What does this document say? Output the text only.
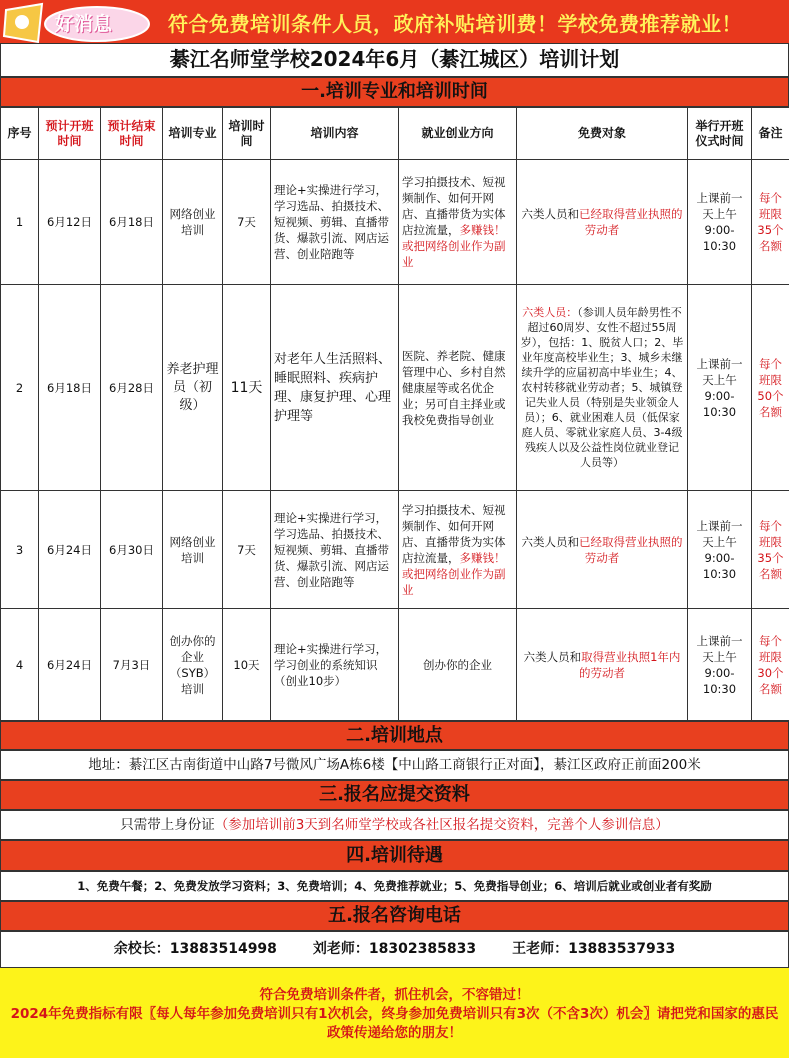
好消息	符合免费培训条件人员，政府补贴培训费！学校免费推荐就业！
綦江名师堂学校2024年6月（綦江城区）培训计划
一.培训专业和培训时间
序号	预计开班时间	预计结束时间	培训专业	培训时间	培训内容	就业创业方向	免费对象	举行开班仪式时间	备注
1	6月12日	6月18日	网络创业培训	7天	理论+实操进行学习，学习选品、拍摄技术、短视频、剪辑、直播带货、爆款引流、网店运营、创业陪跑等	学习拍摄技术、短视频制作、如何开网店、直播带货为实体店拉流量，多赚钱！或把网络创业作为副业	六类人员和已经取得营业执照的劳动者	上课前一天上午9:00-10:30	每个班限35个名额
2	6月18日	6月28日	养老护理员（初级）	11天	对老年人生活照料、睡眠照料、疾病护理、康复护理、心理护理等	医院、养老院、健康管理中心、乡村自然健康屋等或名优企业；另可自主择业或我校免费指导创业	六类人员：（参训人员年龄男性不超过60周岁、女性不超过55周岁），包括：1、脱贫人口；2、毕业年度高校毕业生；3、城乡未继续升学的应届初高中毕业生；4、农村转移就业劳动者；5、城镇登记失业人员（特别是失业领金人员）；6、就业困难人员（低保家庭人员、零就业家庭人员、3-4级残疾人以及公益性岗位就业登记人员等）	上课前一天上午9:00-10:30	每个班限50个名额
3	6月24日	6月30日	网络创业培训	7天	理论+实操进行学习，学习选品、拍摄技术、短视频、剪辑、直播带货、爆款引流、网店运营、创业陪跑等	学习拍摄技术、短视频制作、如何开网店、直播带货为实体店拉流量，多赚钱！或把网络创业作为副业	六类人员和已经取得营业执照的劳动者	上课前一天上午9:00-10:30	每个班限35个名额
4	6月24日	7月3日	创办你的企业（SYB）培训	10天	理论+实操进行学习，学习创业的系统知识（创业10步）	创办你的企业	六类人员和取得营业执照1年内的劳动者	上课前一天上午9:00-10:30	每个班限30个名额
二.培训地点
地址：綦江区古南街道中山路7号微风广场A栋6楼【中山路工商银行正对面】，綦江区政府正前面200米
三.报名应提交资料
只需带上身份证（参加培训前3天到名师堂学校或各社区报名提交资料，完善个人参训信息）
四.培训待遇
1、免费午餐；2、免费发放学习资料；3、免费培训；4、免费推荐就业；5、免费指导创业；6、培训后就业或创业者有奖励
五.报名咨询电话
余校长：13883514998	刘老师：18302385833	王老师：13883537933
符合免费培训条件者，抓住机会，不容错过！
2024年免费指标有限〖每人每年参加免费培训只有1次机会，终身参加免费培训只有3次（不含3次）机会〗请把党和国家的惠民政策传递给您的朋友！
